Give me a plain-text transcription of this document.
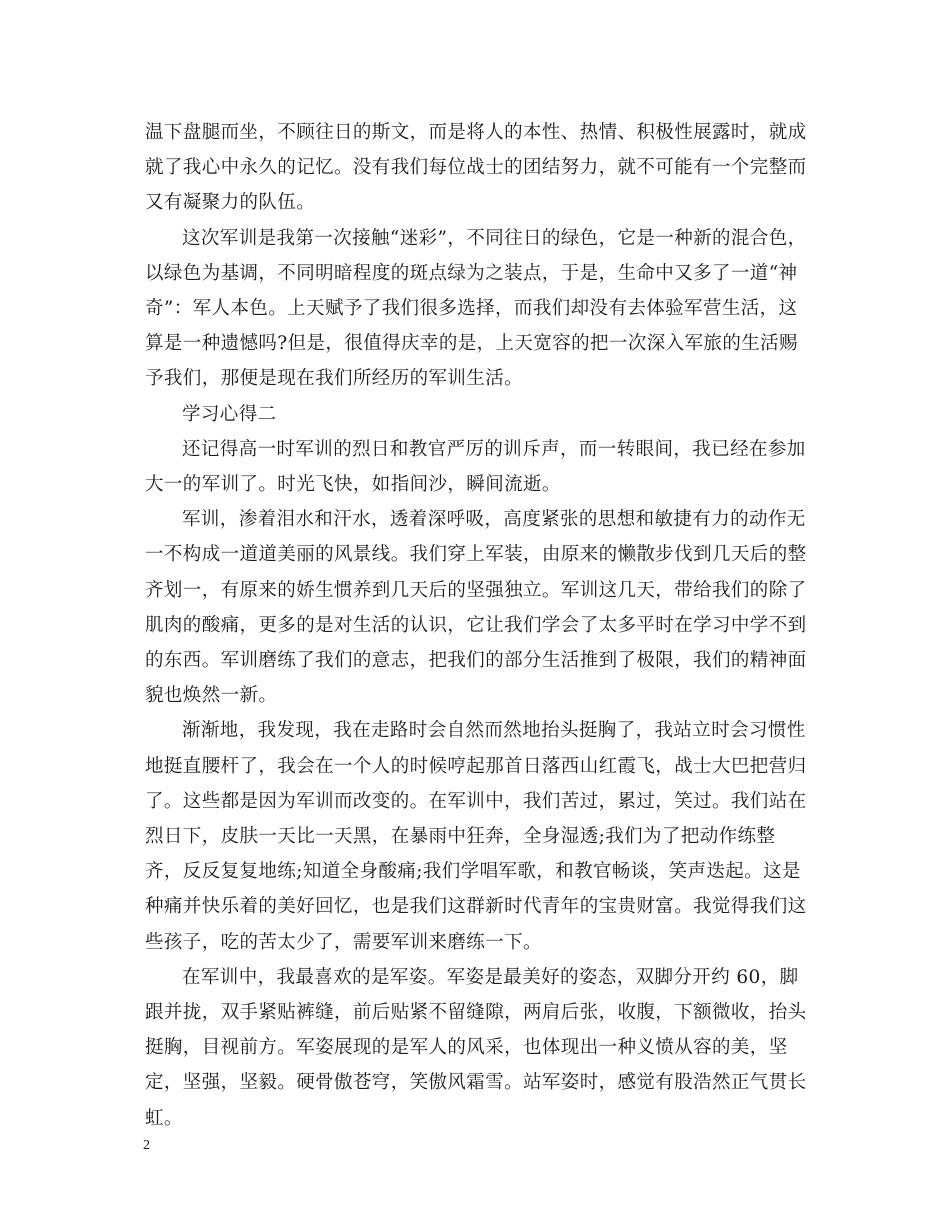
温下盘腿而坐，不顾往日的斯文，而是将人的本性、热情、积极性展露时，就成就了我心中永久的记忆。没有我们每位战士的团结努力，就不可能有一个完整而又有凝聚力的队伍。

这次军训是我第一次接触“迷彩”，不同往日的绿色，它是一种新的混合色，以绿色为基调，不同明暗程度的斑点绿为之装点，于是，生命中又多了一道“神奇”：军人本色。上天赋予了我们很多选择，而我们却没有去体验军营生活，这算是一种遗憾吗?但是，很值得庆幸的是，上天宽容的把一次深入军旅的生活赐予我们，那便是现在我们所经历的军训生活。

学习心得二

还记得高一时军训的烈日和教官严厉的训斥声，而一转眼间，我已经在参加大一的军训了。时光飞快，如指间沙，瞬间流逝。

军训，渗着泪水和汗水，透着深呼吸，高度紧张的思想和敏捷有力的动作无一不构成一道道美丽的风景线。我们穿上军装，由原来的懒散步伐到几天后的整齐划一，有原来的娇生惯养到几天后的坚强独立。军训这几天，带给我们的除了肌肉的酸痛，更多的是对生活的认识，它让我们学会了太多平时在学习中学不到的东西。军训磨练了我们的意志，把我们的部分生活推到了极限，我们的精神面貌也焕然一新。

渐渐地，我发现，我在走路时会自然而然地抬头挺胸了，我站立时会习惯性地挺直腰杆了，我会在一个人的时候哼起那首日落西山红霞飞，战士大巴把营归了。这些都是因为军训而改变的。在军训中，我们苦过，累过，笑过。我们站在烈日下，皮肤一天比一天黑，在暴雨中狂奔，全身湿透;我们为了把动作练整齐，反反复复地练;知道全身酸痛;我们学唱军歌，和教官畅谈，笑声迭起。这是种痛并快乐着的美好回忆，也是我们这群新时代青年的宝贵财富。我觉得我们这些孩子，吃的苦太少了，需要军训来磨练一下。

在军训中，我最喜欢的是军姿。军姿是最美好的姿态，双脚分开约 60，脚跟并拢，双手紧贴裤缝，前后贴紧不留缝隙，两肩后张，收腹，下额微收，抬头挺胸，目视前方。军姿展现的是军人的风采，也体现出一种义愤从容的美，坚定，坚强，坚毅。硬骨傲苍穹，笑傲风霜雪。站军姿时，感觉有股浩然正气贯长虹。

2
